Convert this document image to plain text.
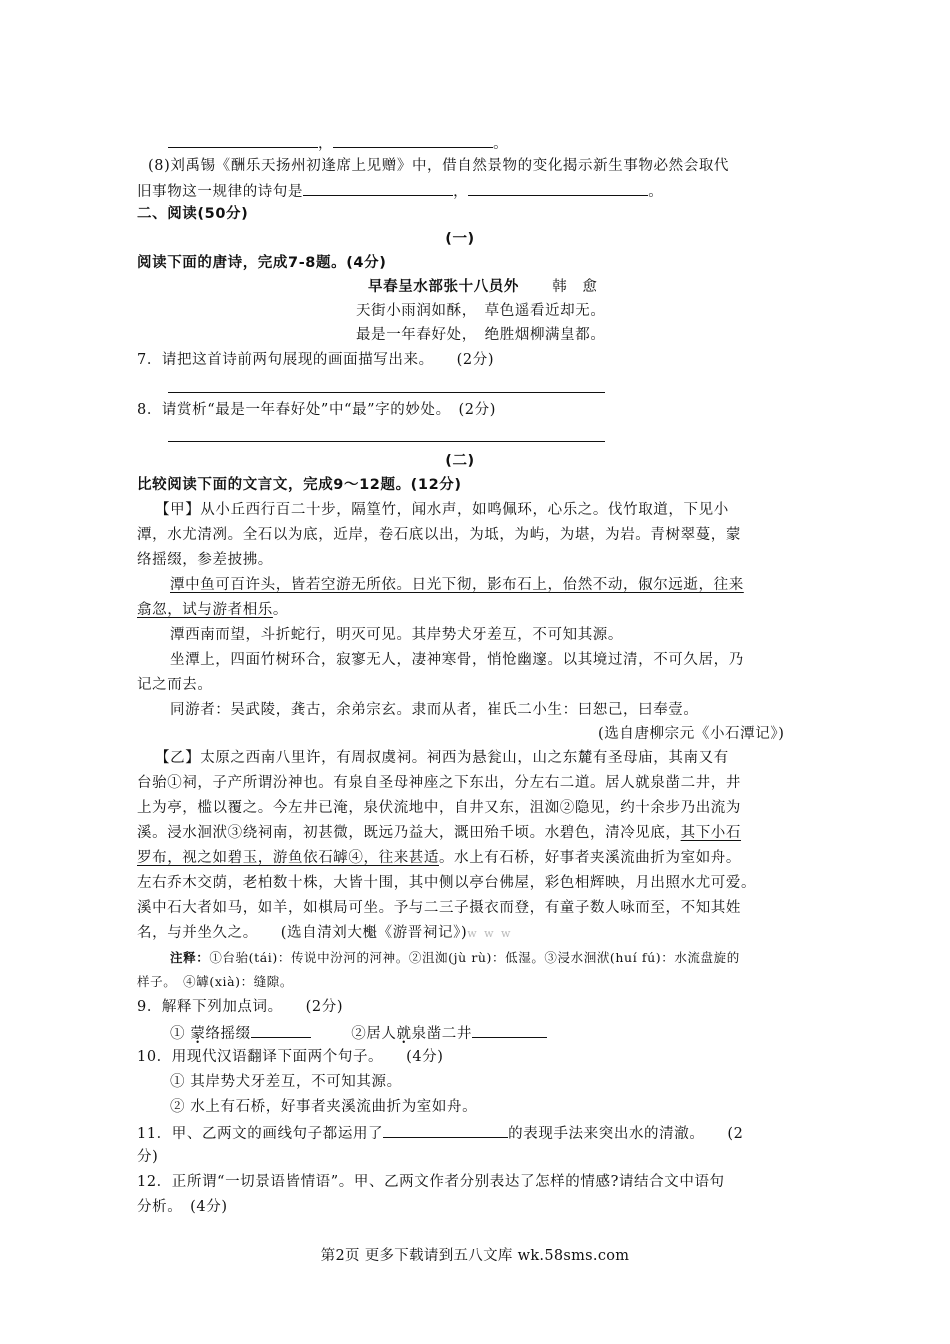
，	。
(8)刘禹锡《酬乐天扬州初逢席上见赠》中，借自然景物的变化揭示新生事物必然会取代
旧事物这一规律的诗句是	，	。
二、阅读(50分)
(一)
阅读下面的唐诗，完成7-8题。(4分)
早春呈水部张十八员外 韩　愈
天街小雨润如酥，　草色遥看近却无。
最是一年春好处，　绝胜烟柳满皇都。
7．请把这首诗前两句展现的画面描写出来。　　(2分)
8．请赏析“最是一年春好处”中“最”字的妙处。　(2分)
(二)
比较阅读下面的文言文，完成9～12题。(12分)
【甲】从小丘西行百二十步，隔篁竹，闻水声，如鸣佩环，心乐之。伐竹取道，下见小
潭，水尤清冽。全石以为底，近岸，卷石底以出，为坻，为屿，为堪，为岩。青树翠蔓，蒙
络摇缀，参差披拂。
潭中鱼可百许头，皆若空游无所依。日光下彻，影布石上，佁然不动，俶尔远逝，往来
翕忽，试与游者相乐。
潭西南而望，斗折蛇行，明灭可见。其岸势犬牙差互，不可知其源。
坐潭上，四面竹树环合，寂寥无人，凄神寒骨，悄怆幽邃。以其境过清，不可久居，乃
记之而去。
同游者：吴武陵，龚古，余弟宗玄。隶而从者，崔氏二小生：曰恕己，曰奉壹。
(选自唐柳宗元《小石潭记》)
【乙】太原之西南八里许，有周叔虞祠。祠西为悬瓮山，山之东麓有圣母庙，其南又有
台骀①祠，子产所谓汾神也。有泉自圣母神座之下东出，分左右二道。居人就泉凿二井，井
上为亭，槛以覆之。今左井已淹，泉伏流地中，自井又东，沮洳②隐见，约十余步乃出流为
溪。浸水洄洑③绕祠南，初甚微，既远乃益大，溉田殆千顷。水碧色，清冷见底，其下小石
罗布，视之如碧玉，游鱼依石罅④，往来甚适。水上有石桥，好事者夹溪流曲折为室如舟。
左右乔木交荫，老柏数十株，大皆十围，其中侧以亭台佛屋，彩色相辉映，月出照水尤可爱。
溪中石大者如马，如羊，如棋局可坐。予与二三子摄衣而登，有童子数人咏而至，不知其姓
名，与并坐久之。　　(选自清刘大櫆《游晋祠记》)w w w
注释：①台骀(tái)：传说中汾河的河神。②沮洳(jù rù)：低湿。③浸水洄洑(huí fú)：水流盘旋的
样子。　④罅(xià)：缝隙。
9．解释下列加点词。　　(2分)
① 蒙络摇缀	②居人就泉凿二井
10．用现代汉语翻译下面两个句子。　　(4分)
① 其岸势犬牙差互，不可知其源。
② 水上有石桥，好事者夹溪流曲折为室如舟。
11．甲、乙两文的画线句子都运用了	的表现手法来突出水的清澈。　　(2
分)
12．正所谓“一切景语皆情语”。甲、乙两文作者分别表达了怎样的情感?请结合文中语句
分析。　(4分)
第2页 更多下载请到五八文库 wk.58sms.com
